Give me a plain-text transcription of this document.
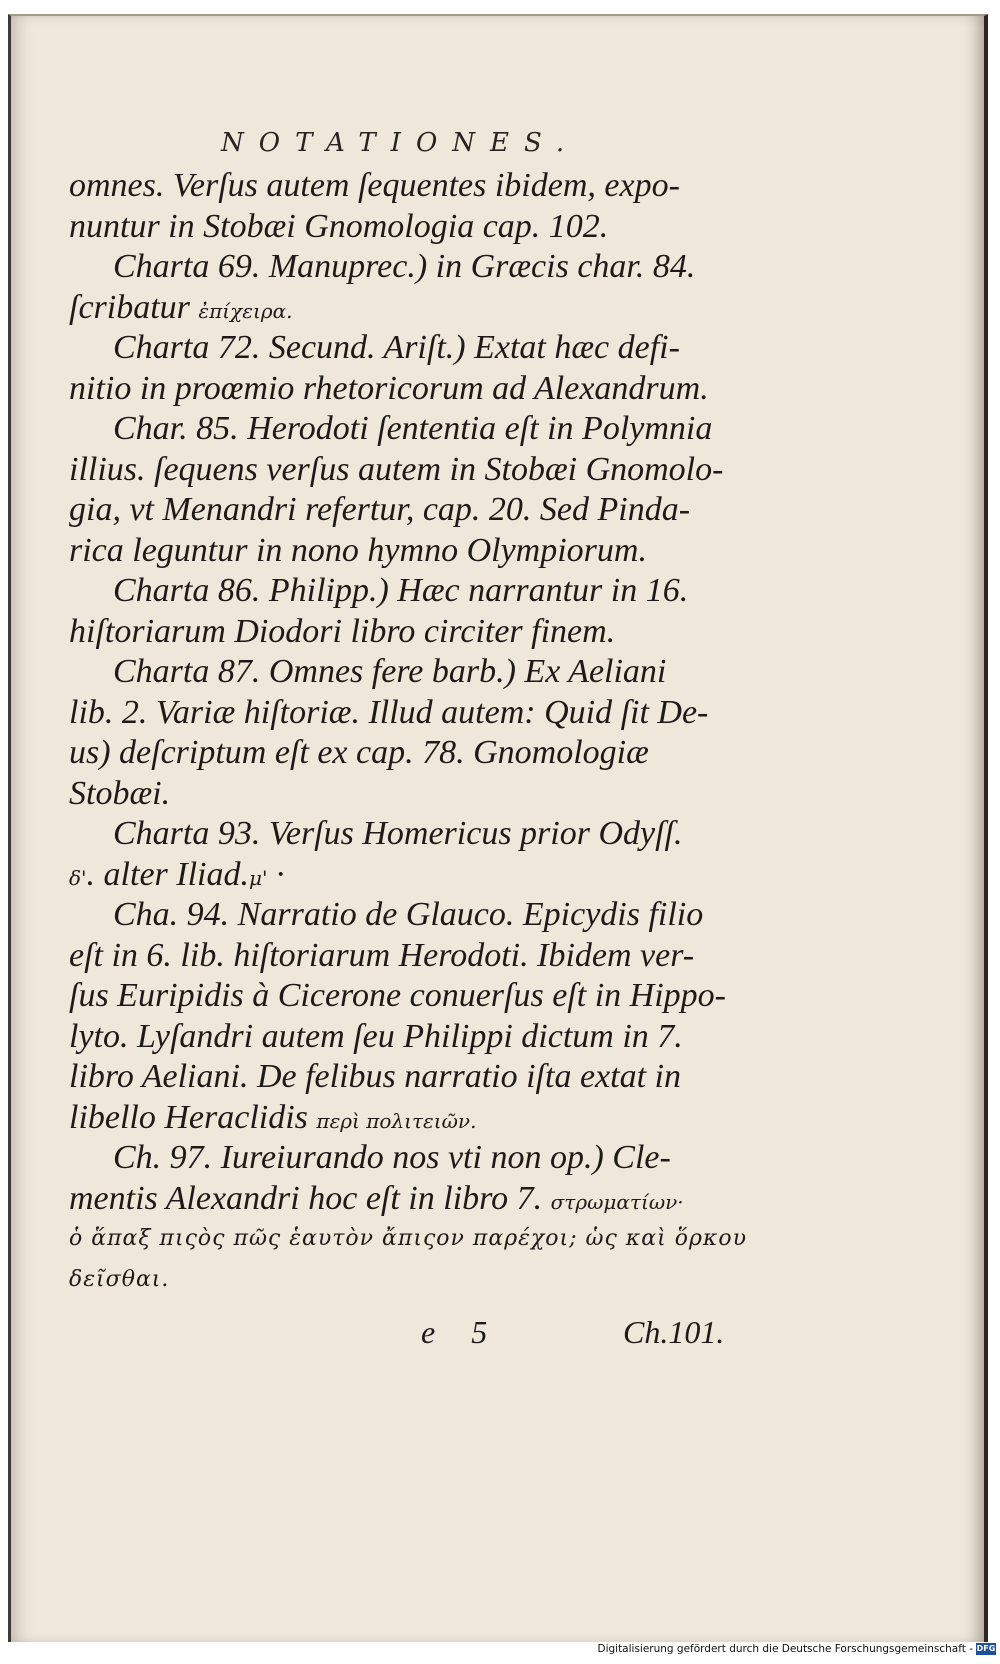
NOTATIONES.
omnes. Verſus autem ſequentes ibidem, expo-
nuntur in Stobæi Gnomologia cap. 102.
Charta 69. Manuprec.) in Græcis char. 84.
ſcribatur ἐπίχειρα.
Charta 72. Secund. Ariſt.) Extat hæc defi-
nitio in proœmio rhetoricorum ad Alexandrum.
Char. 85. Herodoti ſententia eſt in Polymnia
illius. ſequens verſus autem in Stobæi Gnomolo-
gia, vt Menandri refertur, cap. 20. Sed Pinda-
rica leguntur in nono hymno Olympiorum.
Charta 86. Philipp.) Hæc narrantur in 16.
hiſtoriarum Diodori libro circiter finem.
Charta 87. Omnes fere barb.) Ex Aeliani
lib. 2. Variæ hiſtoriæ. Illud autem: Quid ſit De-
us) deſcriptum eſt ex cap. 78. Gnomologiæ
Stobæi.
Charta 93. Verſus Homericus prior Odyſſ.
δ'. alter Iliad.μ' ·
Cha. 94. Narratio de Glauco. Epicydis filio
eſt in 6. lib. hiſtoriarum Herodoti. Ibidem ver-
ſus Euripidis à Cicerone conuerſus eſt in Hippo-
lyto. Lyſandri autem ſeu Philippi dictum in 7.
libro Aeliani. De felibus narratio iſta extat in
libello Heraclidis περὶ πολιτειῶν.
Ch. 97. Iureiurando nos vti non op.) Cle-
mentis Alexandri hoc eſt in libro 7. στρωματίων·
ὁ ἅπαξ πιςὸς πῶς ἑαυτὸν ἄπιςον παρέχοι; ὡς καὶ ὅρκου
δεῖσθαι.
e 5	Ch.101.
Digitalisierung gefördert durch die Deutsche Forschungsgemeinschaft - DFG
